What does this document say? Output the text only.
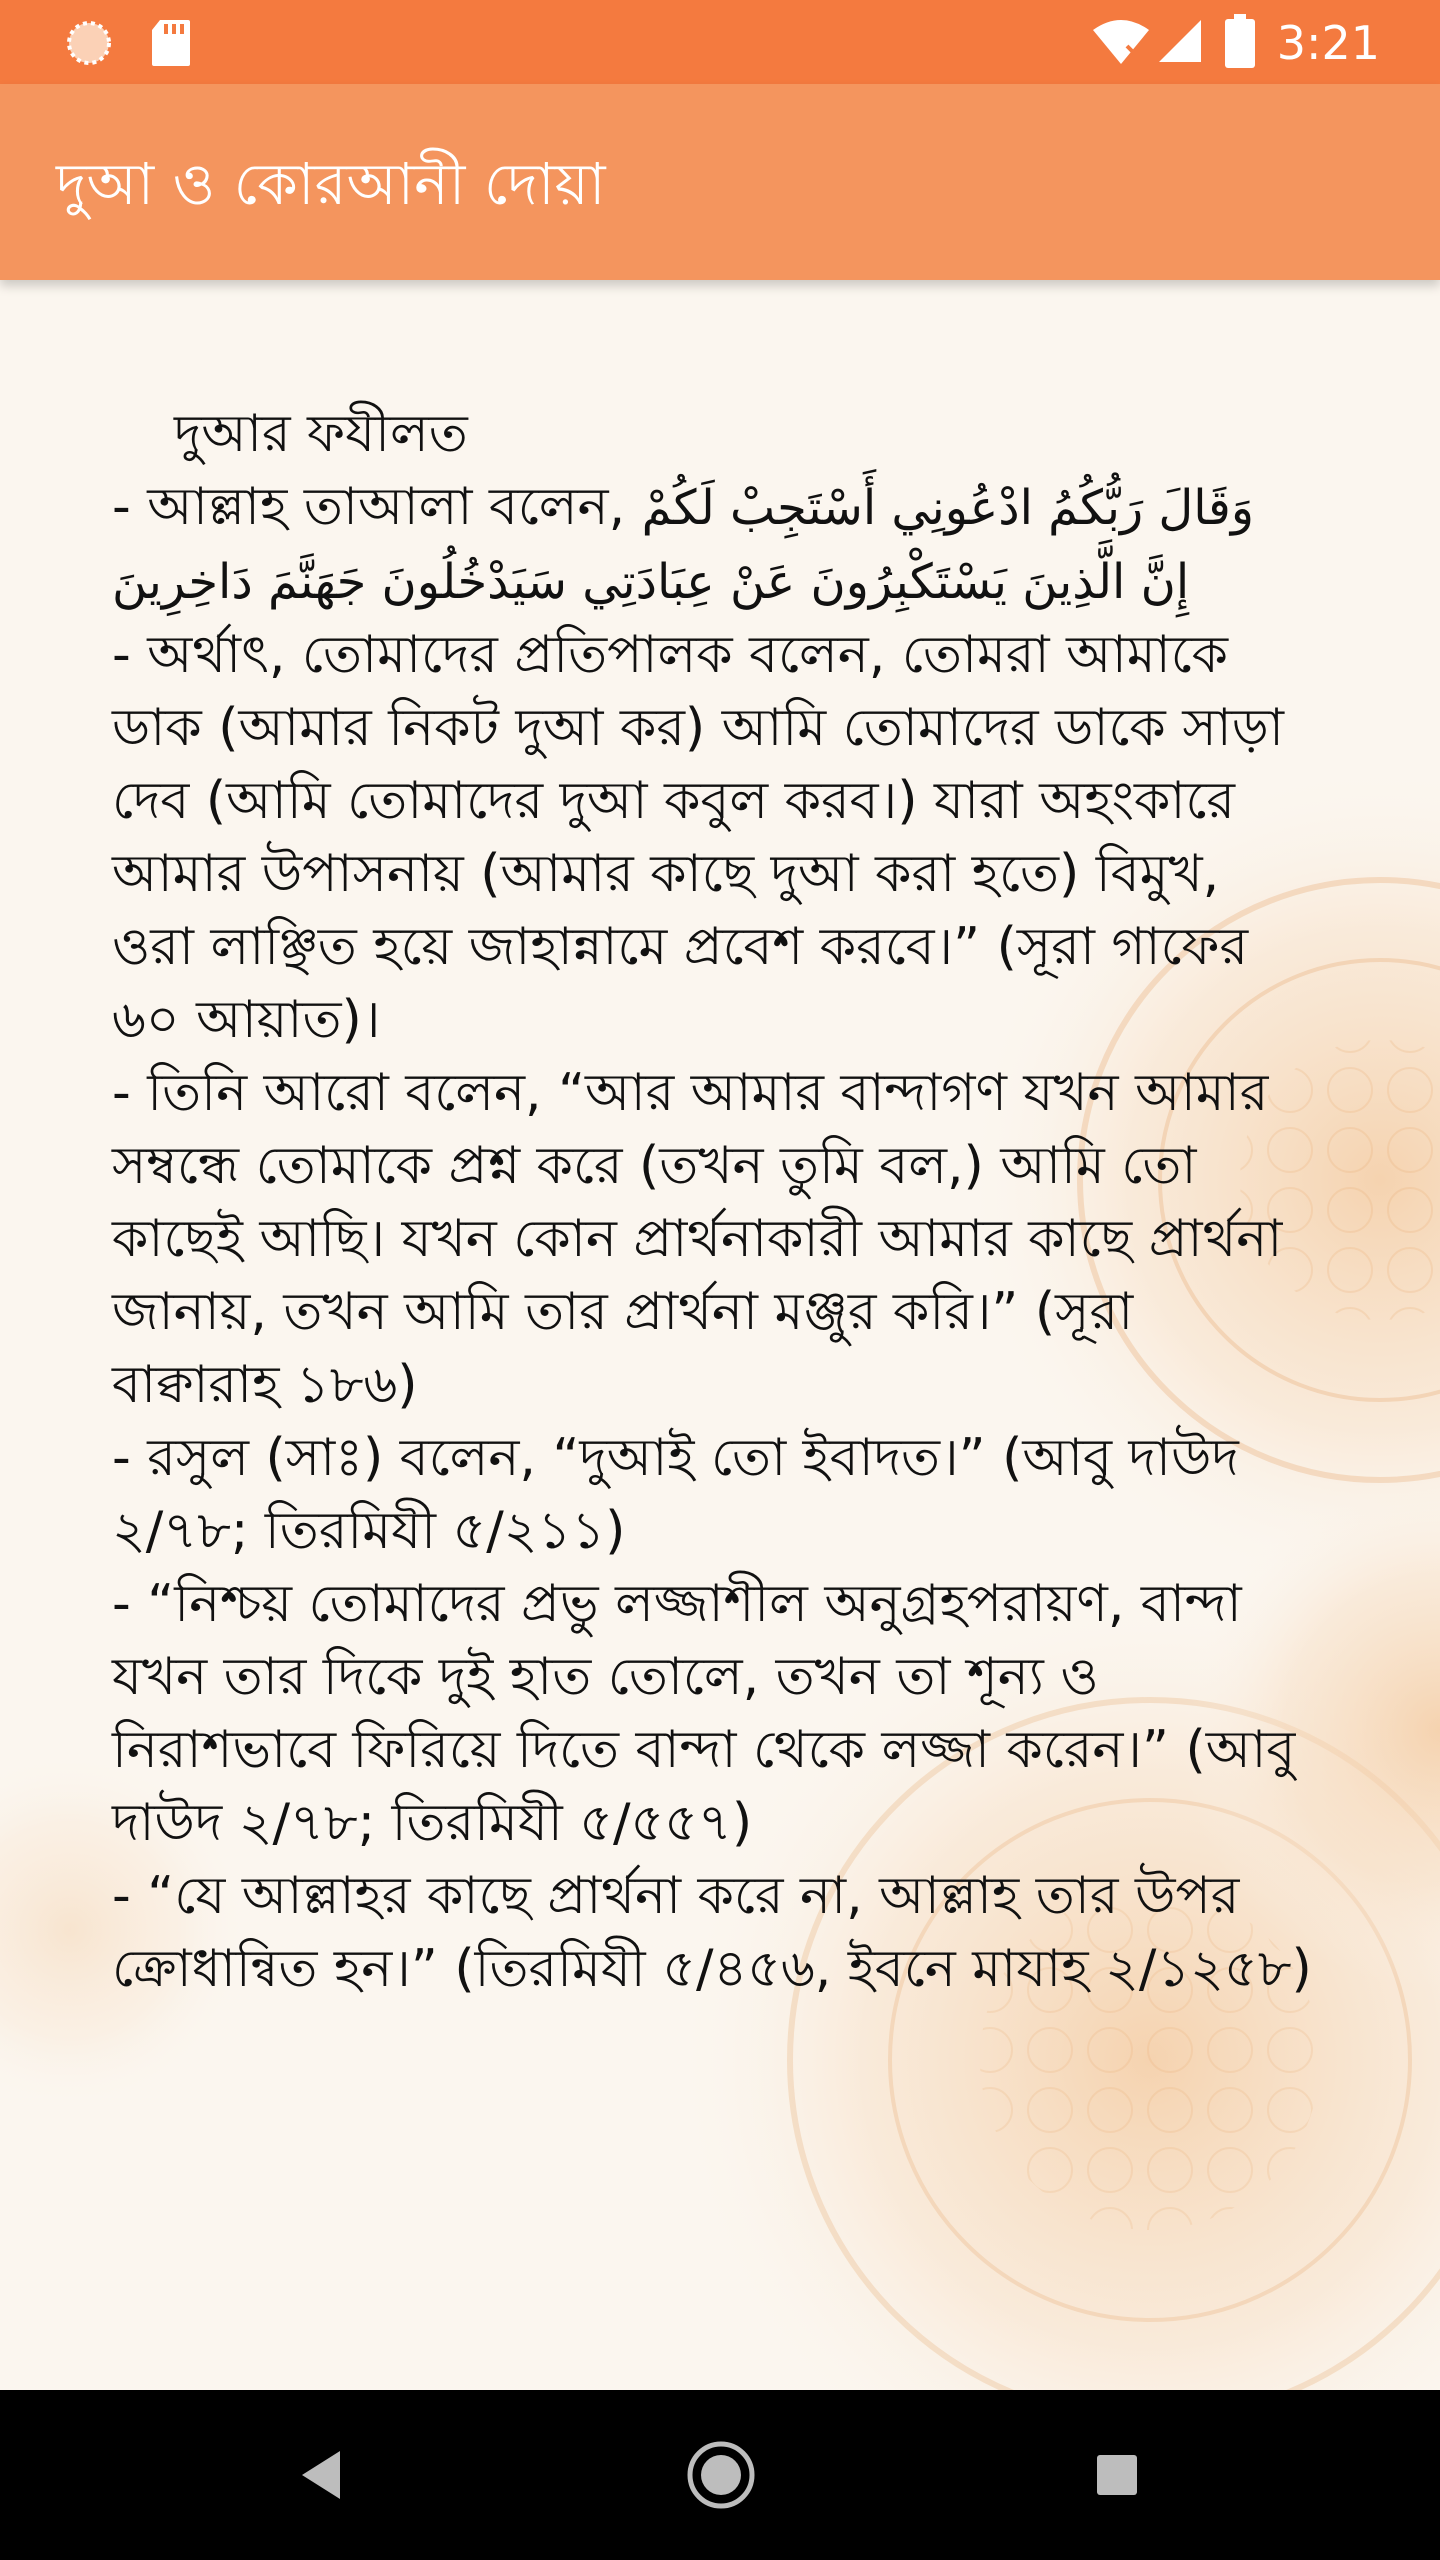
3:21
দুআ ও কোরআনী দোয়া

দুআর ফযীলত

- আল্লাহ তাআলা বলেন, وَقَالَ رَبُّكُمُ ادْعُونِي أَسْتَجِبْ لَكُمْ إِنَّ الَّذِينَ يَسْتَكْبِرُونَ عَنْ عِبَادَتِي سَيَدْخُلُونَ جَهَنَّمَ دَاخِرِينَ

- অর্থাৎ, তোমাদের প্রতিপালক বলেন, তোমরা আমাকে ডাক (আমার নিকট দুআ কর) আমি তোমাদের ডাকে সাড়া দেব (আমি তোমাদের দুআ কবুল করব।) যারা অহংকারে আমার উপাসনায় (আমার কাছে দুআ করা হতে) বিমুখ, ওরা লাঞ্ছিত হয়ে জাহান্নামে প্রবেশ করবে।” (সূরা গাফের ৬০ আয়াত)।

- তিনি আরো বলেন, “আর আমার বান্দাগণ যখন আমার সম্বন্ধে তোমাকে প্রশ্ন করে (তখন তুমি বল,) আমি তো কাছেই আছি। যখন কোন প্রার্থনাকারী আমার কাছে প্রার্থনা জানায়, তখন আমি তার প্রার্থনা মঞ্জুর করি।” (সূরা বাক্বারাহ ১৮৬)

- রসুল (সাঃ) বলেন, “দুআই তো ইবাদত।” (আবু দাউদ ২/৭৮; তিরমিযী ৫/২১১)

- “নিশ্চয় তোমাদের প্রভু লজ্জাশীল অনুগ্রহপরায়ণ, বান্দা যখন তার দিকে দুই হাত তোলে, তখন তা শূন্য ও নিরাশভাবে ফিরিয়ে দিতে বান্দা থেকে লজ্জা করেন।” (আবু দাউদ ২/৭৮; তিরমিযী ৫/৫৫৭)

- “যে আল্লাহর কাছে প্রার্থনা করে না, আল্লাহ তার উপর ক্রোধান্বিত হন।” (তিরমিযী ৫/৪৫৬, ইবনে মাযাহ ২/১২৫৮)
